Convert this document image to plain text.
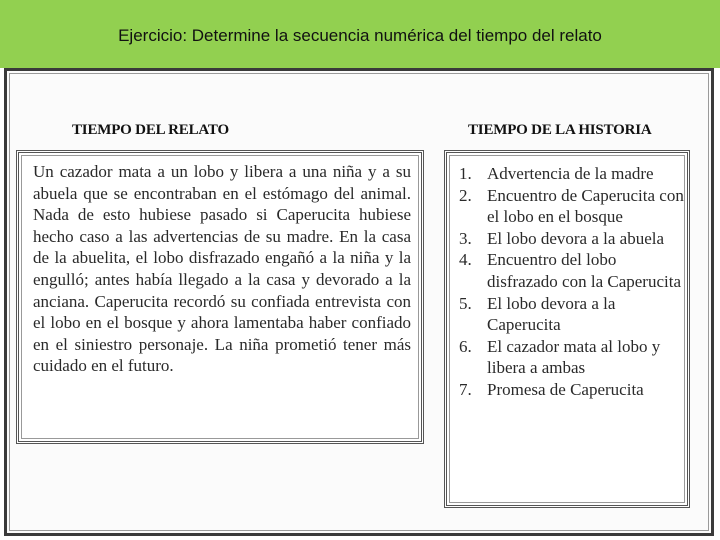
Ejercicio: Determine la secuencia numérica del tiempo del relato
TIEMPO DEL RELATO	TIEMPO DE LA HISTORIA
Un cazador mata a un lobo y libera a una niña y a su abuela que se encontraban en el estómago del animal. Nada de esto hubiese pasado si Caperucita hubiese hecho caso a las advertencias de su madre. En la casa de la abuelita, el lobo disfrazado engañó a la niña y la engulló; antes había llegado a la casa y devorado a la anciana. Caperucita recordó su confiada entrevista con el lobo en el bosque y ahora lamentaba haber confiado en el siniestro personaje. La niña prometió tener más cuidado en el futuro.
1. Advertencia de la madre
2. Encuentro de Caperucita con el lobo en el bosque
3. El lobo devora a la abuela
4. Encuentro del lobo disfrazado con la Caperucita
5. El lobo devora a la Caperucita
6. El cazador mata al lobo y libera a ambas
7. Promesa de Caperucita
